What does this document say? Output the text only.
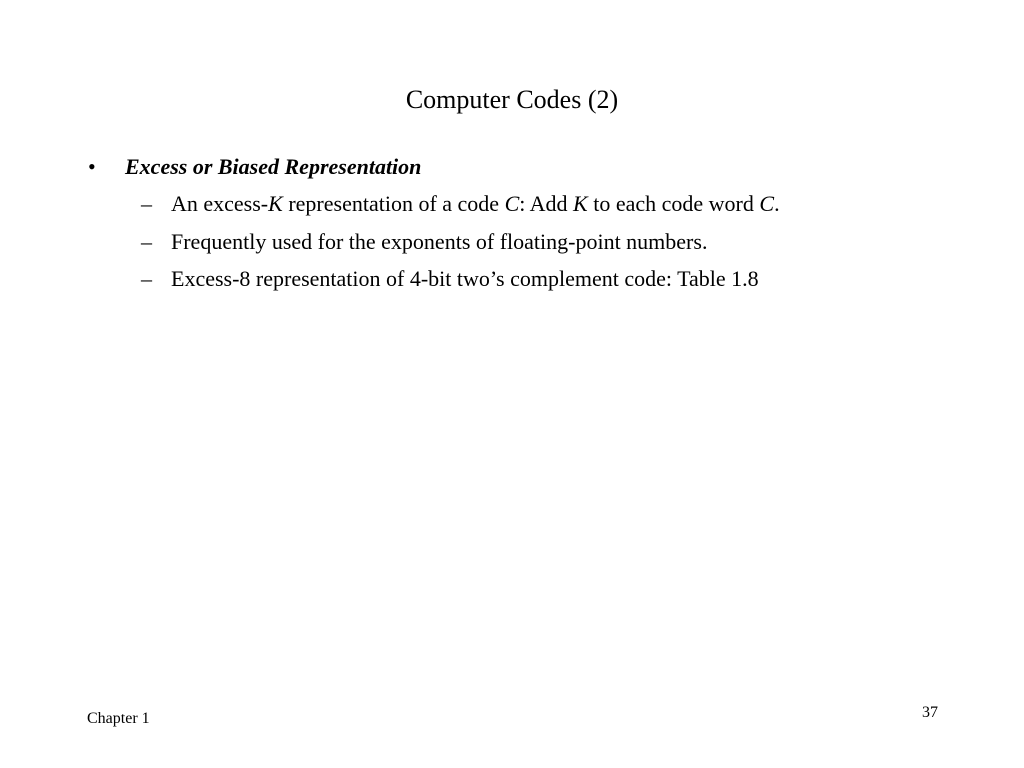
Computer Codes (2)
• Excess or Biased Representation
– An excess-K representation of a code C: Add K to each code word C.
– Frequently used for the exponents of floating-point numbers.
– Excess-8 representation of 4-bit two’s complement code: Table 1.8
Chapter 1	37
